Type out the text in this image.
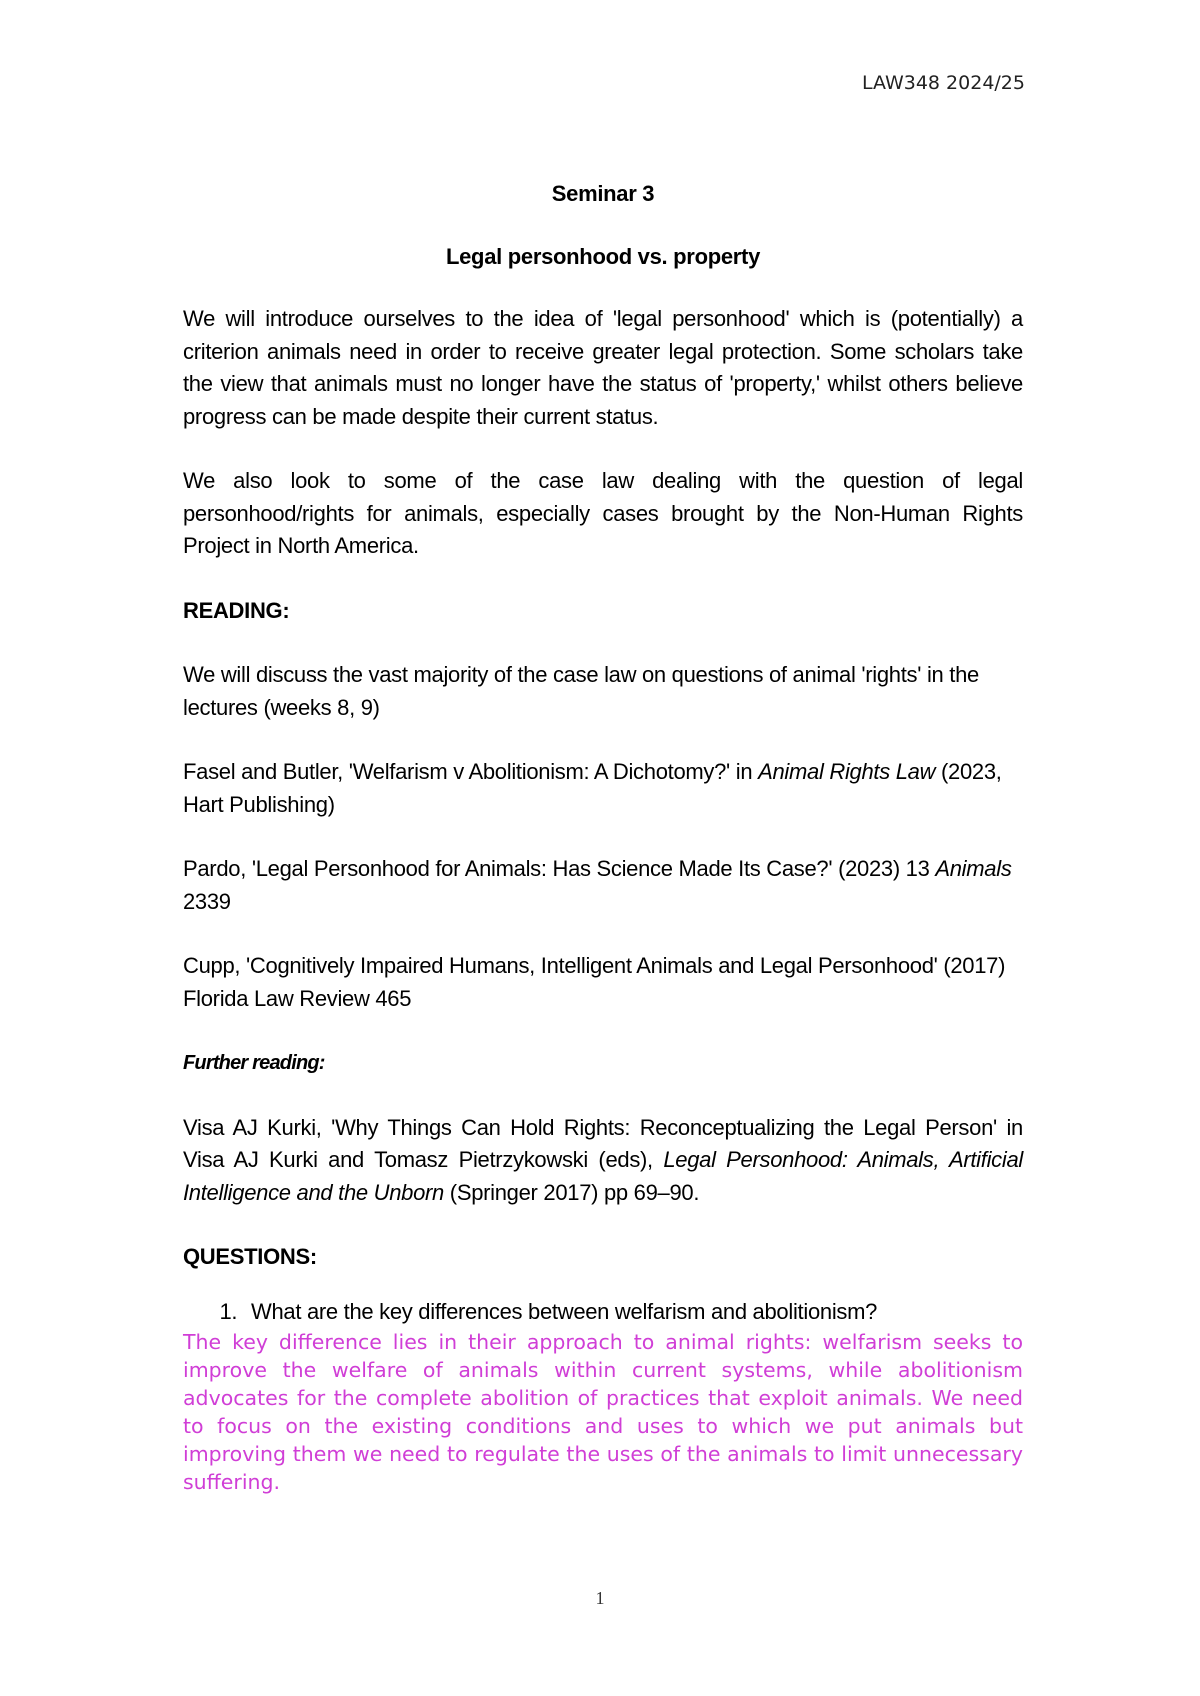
LAW348 2024/25
Seminar 3
Legal personhood vs. property

We will introduce ourselves to the idea of 'legal personhood' which is (potentially) a criterion animals need in order to receive greater legal protection. Some scholars take the view that animals must no longer have the status of 'property,' whilst others believe progress can be made despite their current status.

We also look to some of the case law dealing with the question of legal personhood/rights for animals, especially cases brought by the Non-Human Rights Project in North America.

READING:

We will discuss the vast majority of the case law on questions of animal 'rights' in the lectures (weeks 8, 9)

Fasel and Butler, 'Welfarism v Abolitionism: A Dichotomy?' in Animal Rights Law (2023, Hart Publishing)

Pardo, 'Legal Personhood for Animals: Has Science Made Its Case?' (2023) 13 Animals 2339

Cupp, 'Cognitively Impaired Humans, Intelligent Animals and Legal Personhood' (2017) Florida Law Review 465

Further reading:

Visa AJ Kurki, 'Why Things Can Hold Rights: Reconceptualizing the Legal Person' in Visa AJ Kurki and Tomasz Pietrzykowski (eds), Legal Personhood: Animals, Artificial Intelligence and the Unborn (Springer 2017) pp 69–90.

QUESTIONS:
1. What are the key differences between welfarism and abolitionism?
The key difference lies in their approach to animal rights: welfarism seeks to improve the welfare of animals within current systems, while abolitionism advocates for the complete abolition of practices that exploit animals. We need to focus on the existing conditions and uses to which we put animals but improving them we need to regulate the uses of the animals to limit unnecessary suffering.
1
